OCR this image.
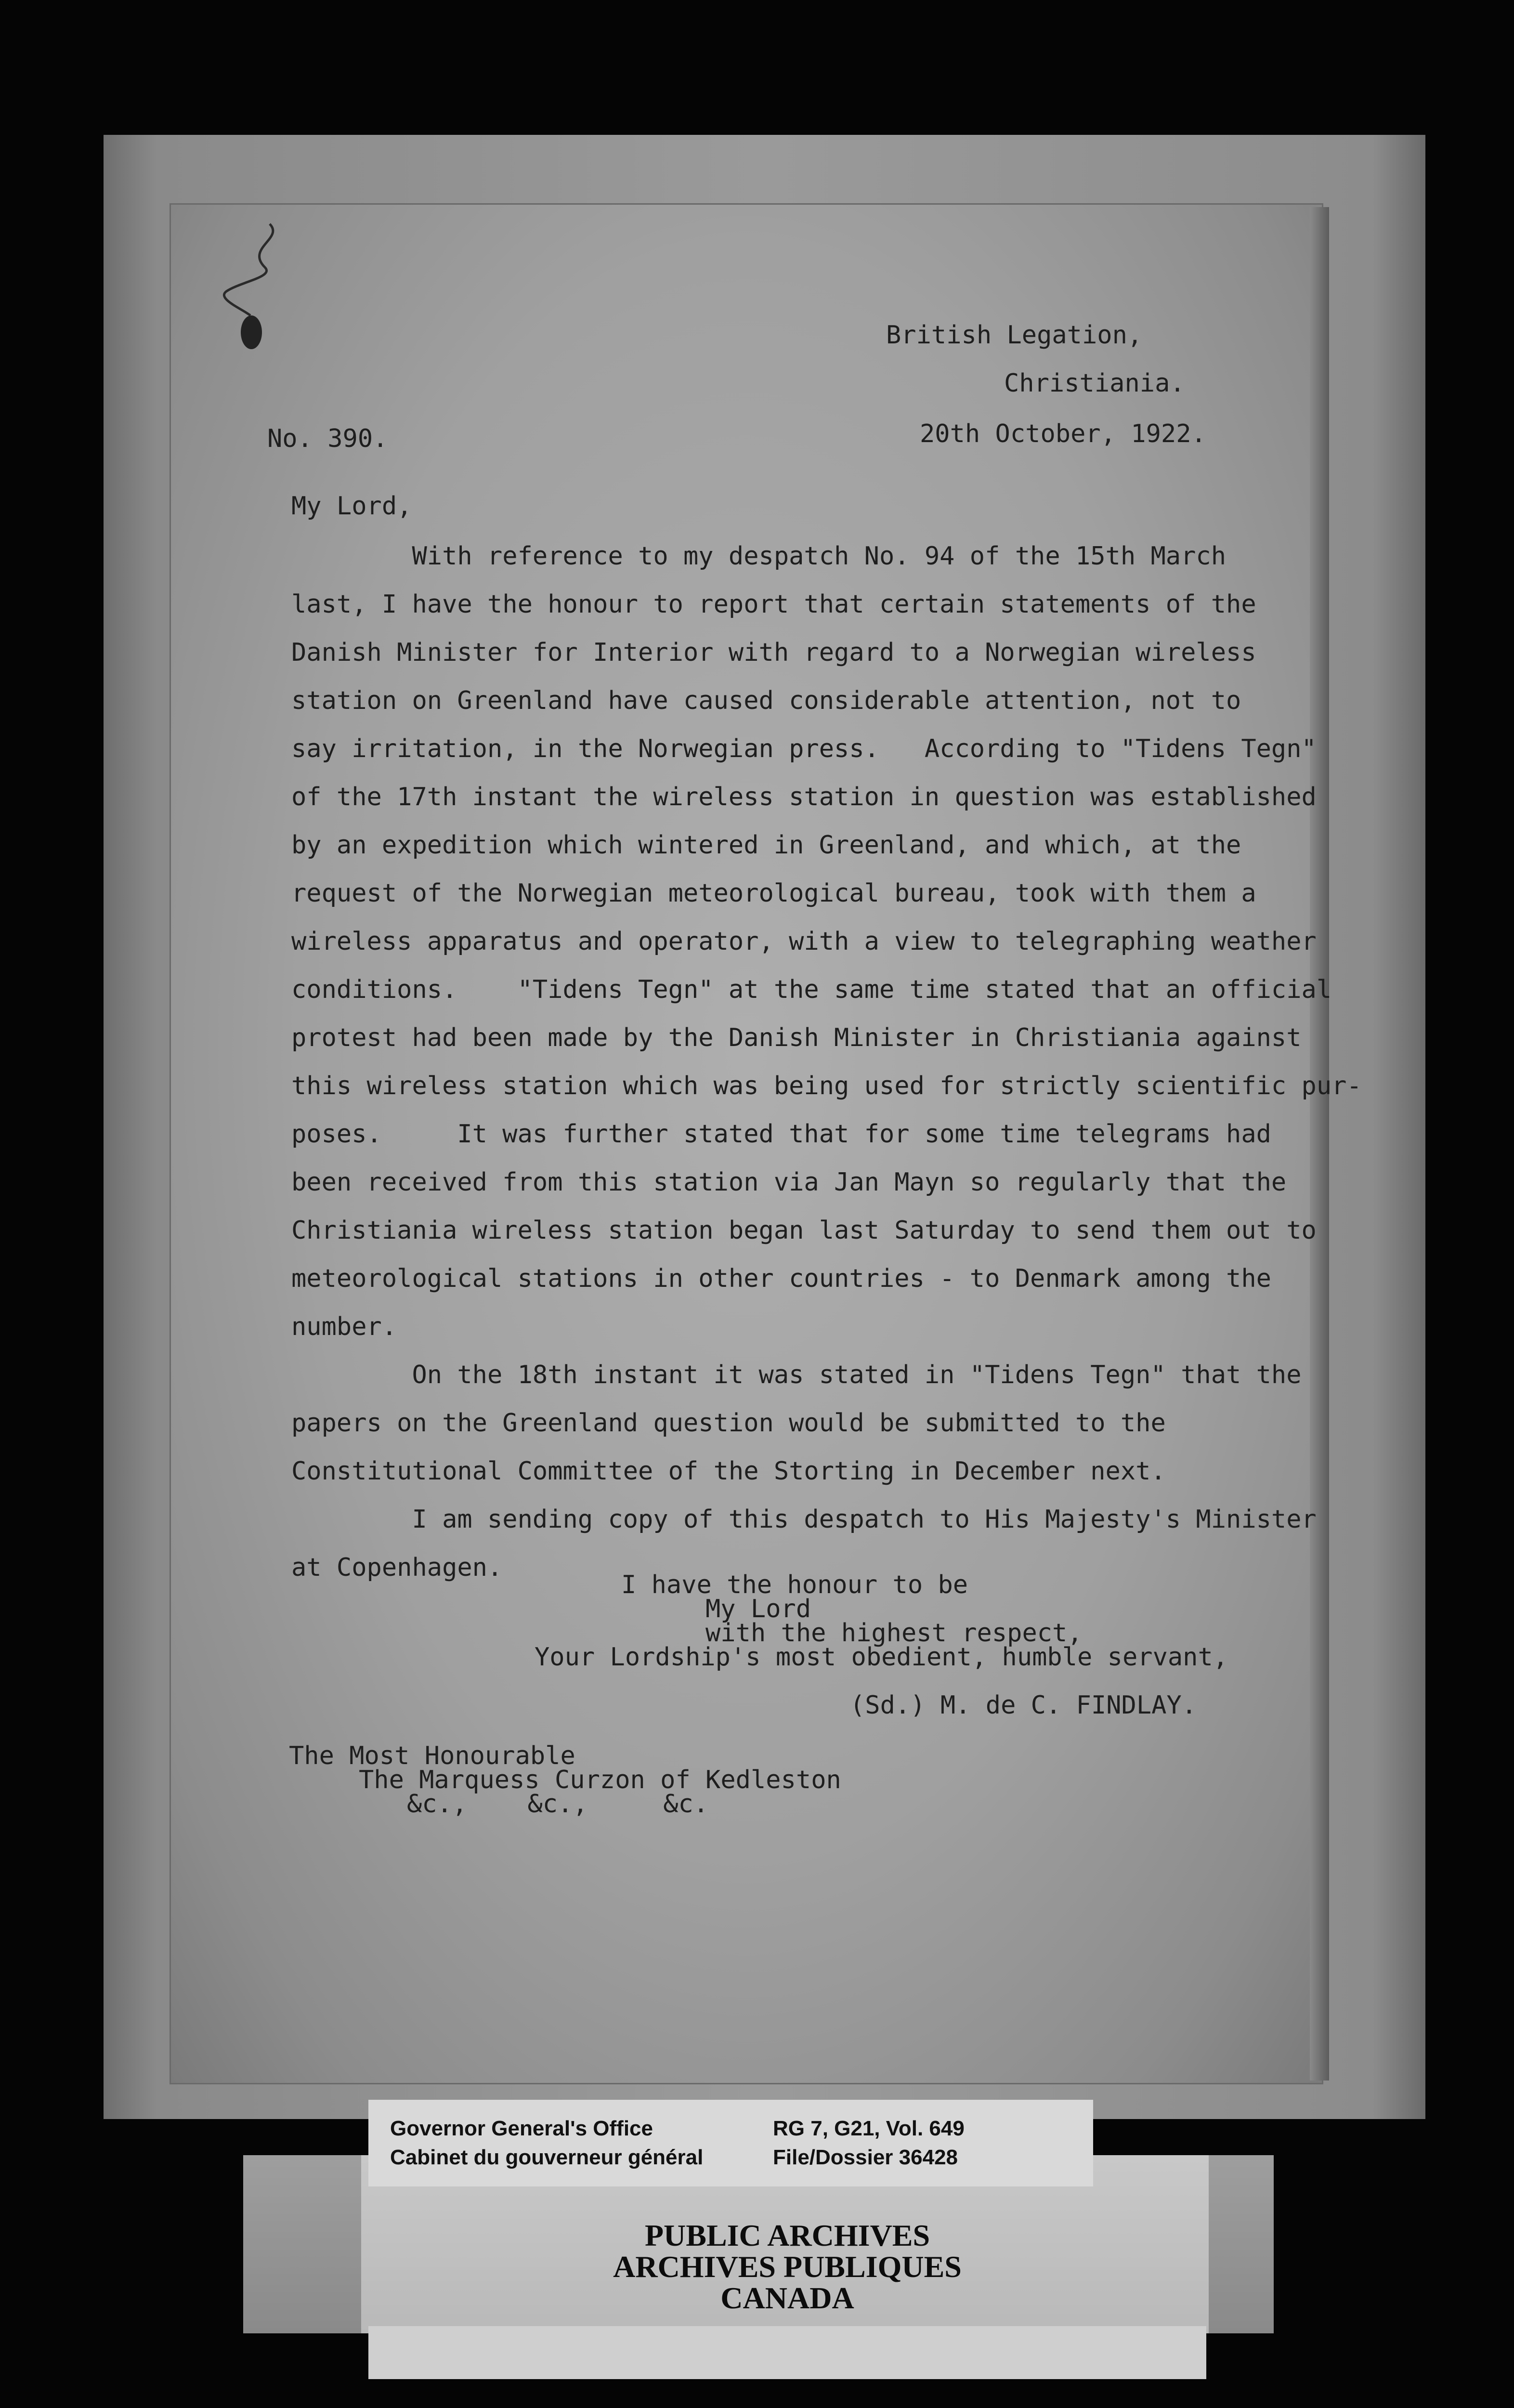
British Legation,
Christiania.
No. 390.	20th October, 1922.
My Lord,
With reference to my despatch No. 94 of the 15th March
last, I have the honour to report that certain statements of the
Danish Minister for Interior with regard to a Norwegian wireless
station on Greenland have caused considerable attention, not to
say irritation, in the Norwegian press.   According to "Tidens Tegn"
of the 17th instant the wireless station in question was established
by an expedition which wintered in Greenland, and which, at the
request of the Norwegian meteorological bureau, took with them a
wireless apparatus and operator, with a view to telegraphing weather
conditions.    "Tidens Tegn" at the same time stated that an official
protest had been made by the Danish Minister in Christiania against
this wireless station which was being used for strictly scientific pur-
poses.     It was further stated that for some time telegrams had
been received from this station via Jan Mayn so regularly that the
Christiania wireless station began last Saturday to send them out to
meteorological stations in other countries - to Denmark among the
number.
On the 18th instant it was stated in "Tidens Tegn" that the
papers on the Greenland question would be submitted to the
Constitutional Committee of the Storting in December next.
I am sending copy of this despatch to His Majesty's Minister
at Copenhagen.
I have the honour to be
My Lord
with the highest respect,
Your Lordship's most obedient, humble servant,
(Sd.) M. de C. FINDLAY.
The Most Honourable
The Marquess Curzon of Kedleston
&c.,    &c.,     &c.
Governor General's Office
Cabinet du gouverneur général
RG 7, G21, Vol. 649
File/Dossier 36428
PUBLIC ARCHIVES
ARCHIVES PUBLIQUES
CANADA
